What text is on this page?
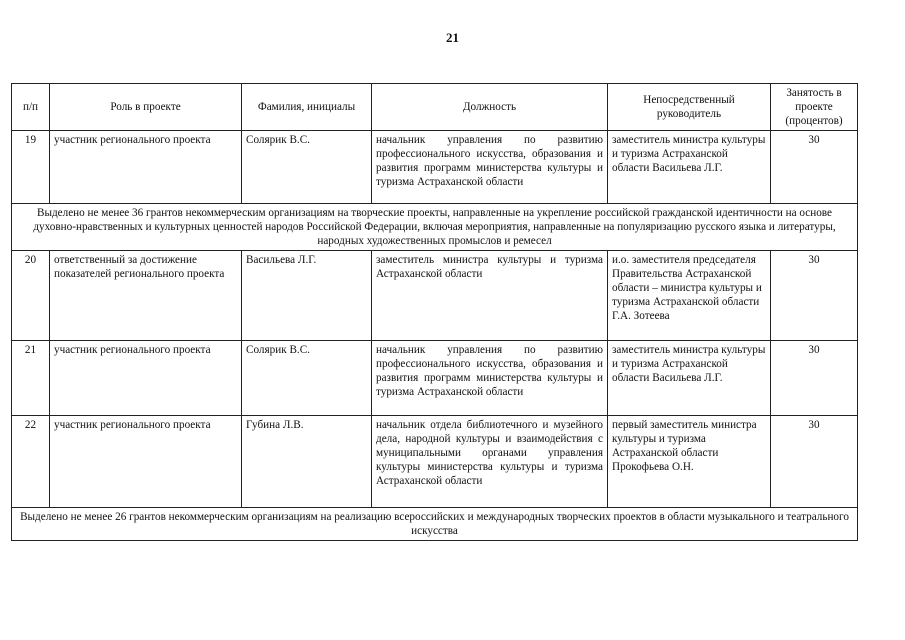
21
п/п	Роль в проекте	Фамилия, инициалы	Должность	Непосредственный руководитель	Занятость в проекте (процентов)
19	участник регионального проекта	Солярик В.С.	начальник управления по развитию профессионального искусства, образования и развития программ министерства культуры и туризма Астраханской области	заместитель министра культуры и туризма Астраханской области Васильева Л.Г.	30
Выделено не менее 36 грантов некоммерческим организациям на творческие проекты, направленные на укрепление российской гражданской идентичности на основе духовно-нравственных и культурных ценностей народов Российской Федерации, включая мероприятия, направленные на популяризацию русского языка и литературы, народных художественных промыслов и ремесел					
20	ответственный за достижение показателей регионального проекта	Васильева Л.Г.	заместитель министра культуры и туризма Астраханской области	и.о. заместителя председателя Правительства Астраханской области – министра культуры и туризма Астраханской области Г.А. Зотеева	30
21	участник регионального проекта	Солярик В.С.	начальник управления по развитию профессионального искусства, образования и развития программ министерства культуры и туризма Астраханской области	заместитель министра культуры и туризма Астраханской области Васильева Л.Г.	30
22	участник регионального проекта	Губина Л.В.	начальник отдела библиотечного и музейного дела, народной культуры и взаимодействия с муниципальными органами управления культуры министерства культуры и туризма Астраханской области	первый заместитель министра культуры и туризма Астраханской области Прокофьева О.Н.	30
Выделено не менее 26 грантов некоммерческим организациям на реализацию всероссийских и международных творческих проектов в области музыкального и театрального искусства					
